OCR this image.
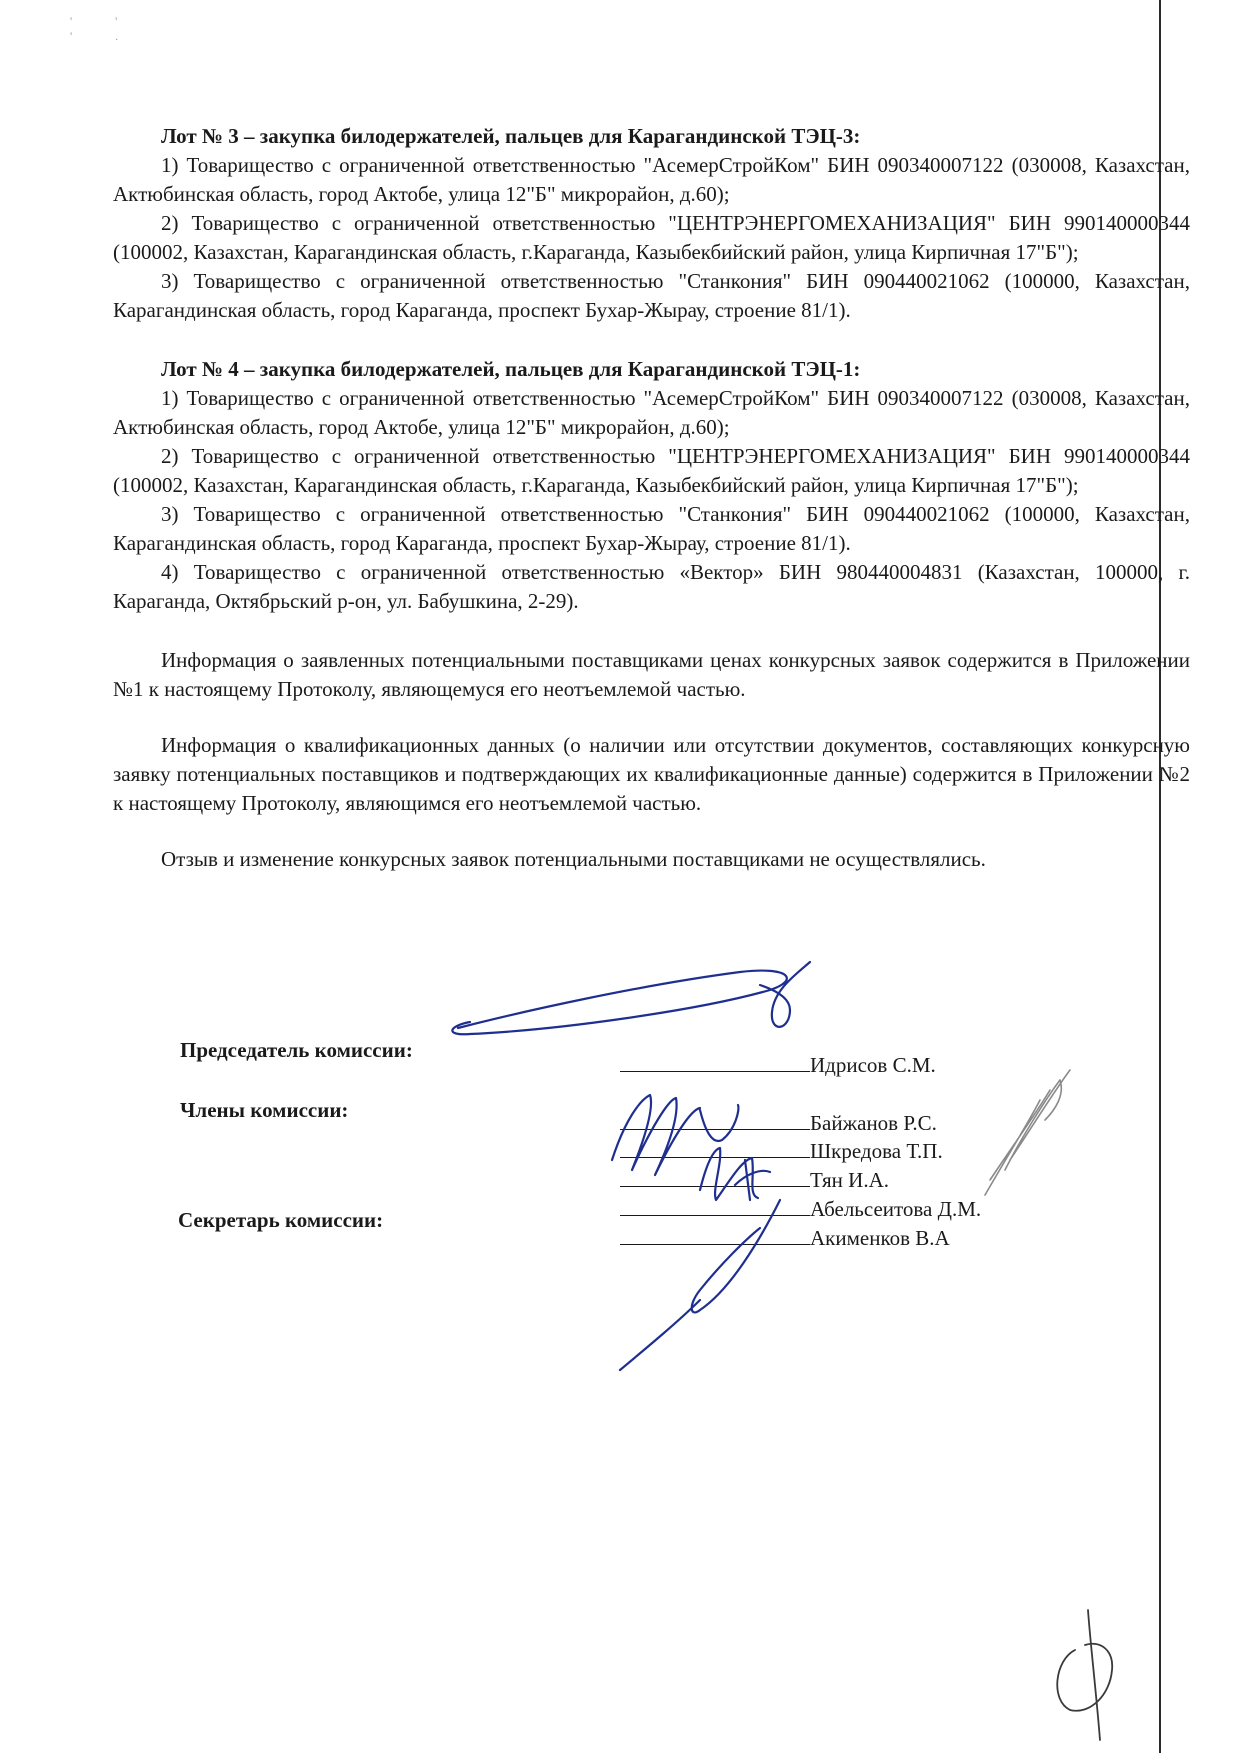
' ' ' .

Лот № 3 – закупка билодержателей, пальцев для Карагандинской ТЭЦ-3:

1) Товарищество с ограниченной ответственностью "АсемерСтройКом" БИН 090340007122 (030008, Казахстан, Актюбинская область, город Актобе, улица 12"Б" микрорайон, д.60);

2) Товарищество с ограниченной ответственностью "ЦЕНТРЭНЕРГОМЕХАНИЗАЦИЯ" БИН 990140000344 (100002, Казахстан, Карагандинская область, г.Караганда, Казыбекбийский район, улица Кирпичная 17"Б");

3) Товарищество с ограниченной ответственностью "Станкония" БИН 090440021062 (100000, Казахстан, Карагандинская область, город Караганда, проспект Бухар-Жырау, строение 81/1).

Лот № 4 – закупка билодержателей, пальцев для Карагандинской ТЭЦ-1:

1) Товарищество с ограниченной ответственностью "АсемерСтройКом" БИН 090340007122 (030008, Казахстан, Актюбинская область, город Актобе, улица 12"Б" микрорайон, д.60);

2) Товарищество с ограниченной ответственностью "ЦЕНТРЭНЕРГОМЕХАНИЗАЦИЯ" БИН 990140000344 (100002, Казахстан, Карагандинская область, г.Караганда, Казыбекбийский район, улица Кирпичная 17"Б");

3) Товарищество с ограниченной ответственностью "Станкония" БИН 090440021062 (100000, Казахстан, Карагандинская область, город Караганда, проспект Бухар-Жырау, строение 81/1).

4) Товарищество с ограниченной ответственностью «Вектор» БИН 980440004831 (Казахстан, 100000, г. Караганда, Октябрьский р-он, ул. Бабушкина, 2-29).

Информация о заявленных потенциальными поставщиками ценах конкурсных заявок содержится в Приложении №1 к настоящему Протоколу, являющемуся его неотъемлемой частью.

Информация о квалификационных данных (о наличии или отсутствии документов, составляющих конкурсную заявку потенциальных поставщиков и подтверждающих их квалификационные данные) содержится в Приложении №2 к настоящему Протоколу, являющимся его неотъемлемой частью.

Отзыв и изменение конкурсных заявок потенциальными поставщиками не осуществлялись.

Председатель комиссии:
Члены комиссии:
Секретарь комиссии:
Идрисов С.М.
Байжанов Р.С.
Шкредова Т.П.
Тян И.А.
Абельсеитова Д.М.
Акименков В.А
